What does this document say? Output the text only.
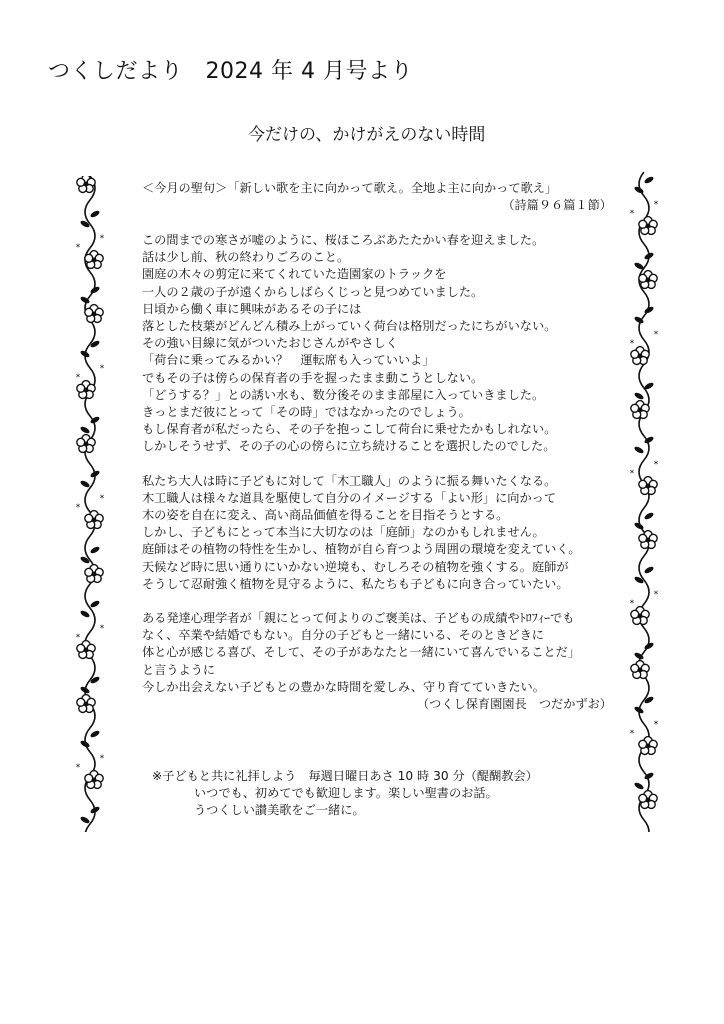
つくしだより　2024 年 4 月号より
今だけの、かけがえのない時間
*
*
*
*
*
*
*
*
*
*
*
*
*
*
*
*
*
*
*
*
＜今月の聖句＞「新しい歌を主に向かって歌え。全地よ主に向かって歌え」
（詩篇９６篇１節）
この間までの寒さが嘘のように、桜ほころぶあたたかい春を迎えました。
話は少し前、秋の終わりごろのこと。
園庭の木々の剪定に来てくれていた造園家のトラックを
一人の２歳の子が遠くからしばらくじっと見つめていました。
日頃から働く車に興味があるその子には
落とした枝葉がどんどん積み上がっていく荷台は格別だったにちがいない。
その強い目線に気がついたおじさんがやさしく
「荷台に乗ってみるかい？　運転席も入っていいよ」
でもその子は傍らの保育者の手を握ったまま動こうとしない。
「どうする？」との誘い水も、数分後そのまま部屋に入っていきました。
きっとまだ彼にとって「その時」ではなかったのでしょう。
もし保育者が私だったら、その子を抱っこして荷台に乗せたかもしれない。
しかしそうせず、その子の心の傍らに立ち続けることを選択したのでした。
私たち大人は時に子どもに対して「木工職人」のように振る舞いたくなる。
木工職人は様々な道具を駆使して自分のイメージする「よい形」に向かって
木の姿を自在に変え、高い商品価値を得ることを目指そうとする。
しかし、子どもにとって本当に大切なのは「庭師」なのかもしれません。
庭師はその植物の特性を生かし、植物が自ら育つよう周囲の環境を変えていく。
天候など時に思い通りにいかない逆境も、むしろその植物を強くする。庭師が
そうして忍耐強く植物を見守るように、私たちも子どもに向き合っていたい。
ある発達心理学者が「親にとって何よりのご褒美は、子どもの成績やﾄﾛﾌｨｰでも
なく、卒業や結婚でもない。自分の子どもと一緒にいる、そのときどきに
体と心が感じる喜び、そして、その子があなたと一緒にいて喜んでいることだ」
と言うように
今しか出会えない子どもとの豊かな時間を愛しみ、守り育てていきたい。
（つくし保育園園長　つだかずお）
※子どもと共に礼拝しよう　毎週日曜日あさ 10 時 30 分（醍醐教会）
いつでも、初めてでも歓迎します。楽しい聖書のお話。
うつくしい讃美歌をご一緒に。
